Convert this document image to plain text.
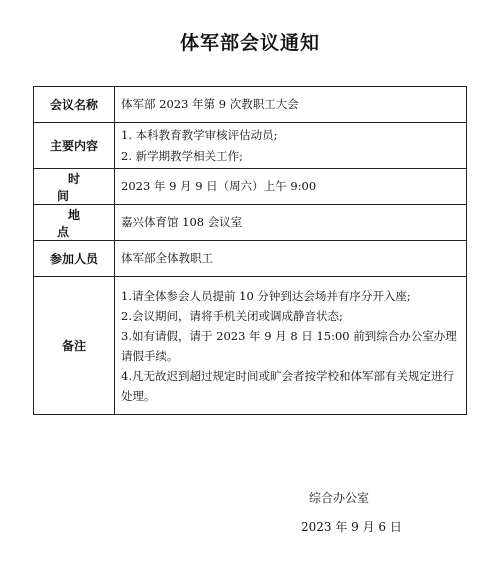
体军部会议通知
会议名称	体军部 2023 年第 9 次教职工大会
主要内容	1. 本科教育教学审核评估动员;
2. 新学期教学相关工作;

时 间	2023 年 9 月 9 日（周六）上午 9:00
地 点	嘉兴体育馆 108 会议室
参加人员	体军部全体教职工
备注	1.请全体参会人员提前 10 分钟到达会场并有序分开入座;
2.会议期间，请将手机关闭或调成静音状态;
3.如有请假，请于 2023 年 9 月 8 日 15:00 前到综合办公室办理请假手续。
4.凡无故迟到超过规定时间或旷会者按学校和体军部有关规定进行处理。
综合办公室
2023 年 9 月 6 日
